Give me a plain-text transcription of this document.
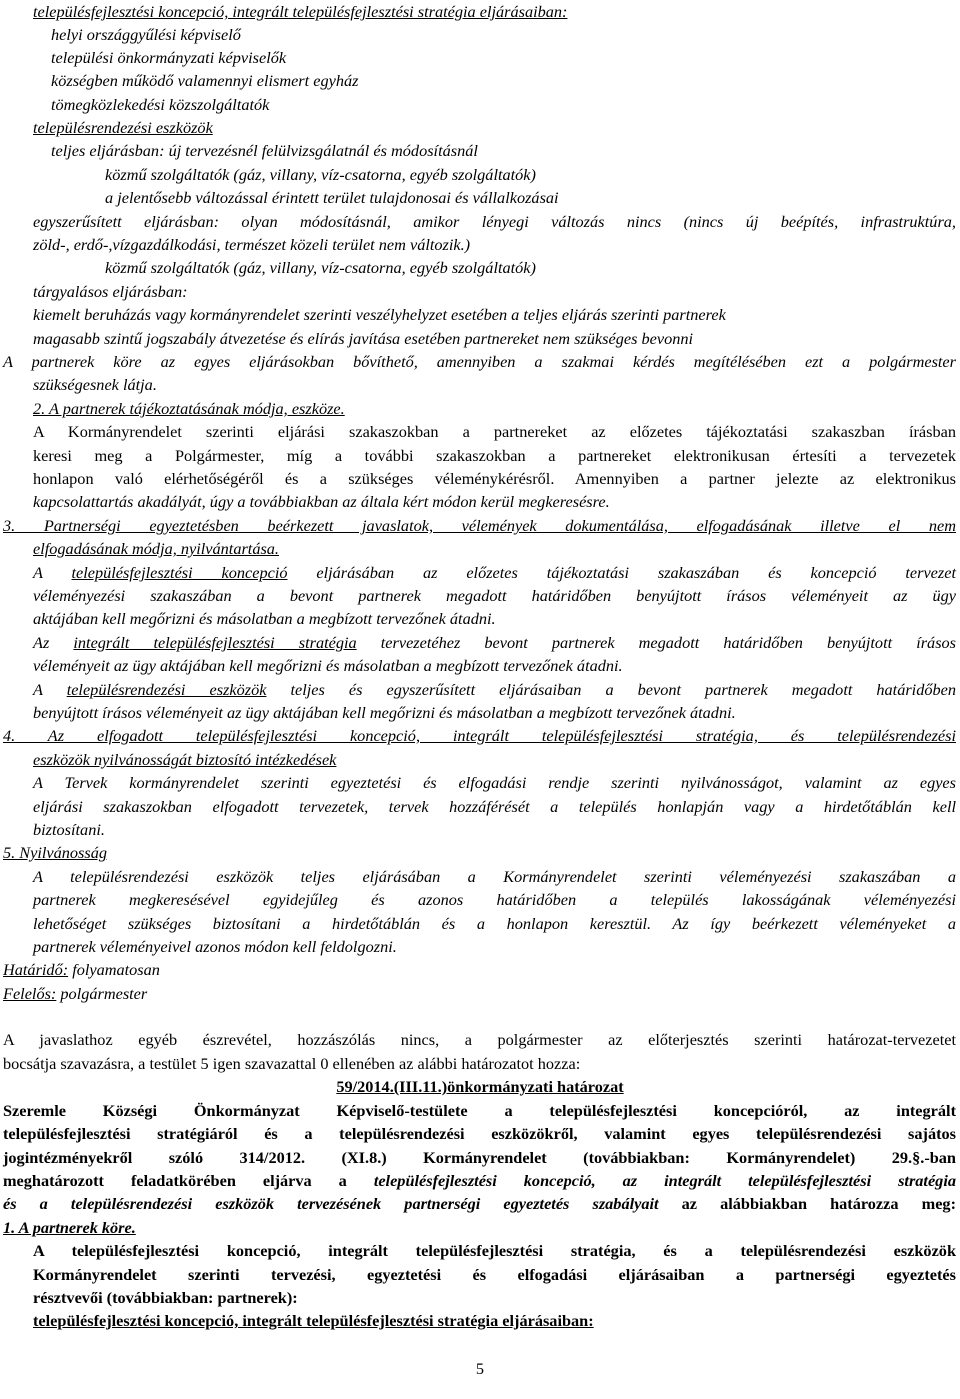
településfejlesztési koncepció, integrált településfejlesztési stratégia eljárásaiban:

helyi országgyűlési képviselő

települési önkormányzati képviselők

községben működő valamennyi elismert egyház

tömegközlekedési közszolgáltatók

településrendezési eszközök

teljes eljárásban: új tervezésnél felülvizsgálatnál és módosításnál

közmű szolgáltatók (gáz, villany, víz-csatorna, egyéb szolgáltatók)

a jelentősebb változással érintett terület tulajdonosai és vállalkozásai

egyszerűsített eljárásban: olyan módosításnál, amikor lényegi változás nincs (nincs új beépítés, infrastruktúra,

zöld-, erdő-,vízgazdálkodási, természet közeli terület nem változik.)

közmű szolgáltatók (gáz, villany, víz-csatorna, egyéb szolgáltatók)

tárgyalásos eljárásban:

kiemelt beruházás vagy kormányrendelet szerinti veszélyhelyzet esetében a teljes eljárás szerinti partnerek

magasabb szintű jogszabály átvezetése és elírás javítása esetében partnereket nem szükséges bevonni

A partnerek köre az egyes eljárásokban bővíthető, amennyiben a szakmai kérdés megítélésében ezt a polgármester

szükségesnek látja.

2. A partnerek tájékoztatásának módja, eszköze.

A Kormányrendelet szerinti eljárási szakaszokban a partnereket az előzetes tájékoztatási szakaszban írásban

keresi meg a Polgármester, míg a további szakaszokban a partnereket elektronikusan értesíti a tervezetek

honlapon való elérhetőségéről és a szükséges véleménykérésről. Amennyiben a partner jelezte az elektronikus

kapcsolattartás akadályát, úgy a továbbiakban az általa kért módon kerül megkeresésre.

3. Partnerségi egyeztetésben beérkezett javaslatok, vélemények dokumentálása, elfogadásának illetve el nem

elfogadásának módja, nyilvántartása.

A településfejlesztési koncepció eljárásában az előzetes tájékoztatási szakaszában és koncepció tervezet

véleményezési szakaszában a bevont partnerek megadott határidőben benyújtott írásos véleményeit az ügy

aktájában kell megőrizni és másolatban a megbízott tervezőnek átadni.

Az integrált településfejlesztési stratégia tervezetéhez bevont partnerek megadott határidőben benyújtott írásos

véleményeit az ügy aktájában kell megőrizni és másolatban a megbízott tervezőnek átadni.

A településrendezési eszközök teljes és egyszerűsített eljárásaiban a bevont partnerek megadott határidőben

benyújtott írásos véleményeit az ügy aktájában kell megőrizni és másolatban a megbízott tervezőnek átadni.

4. Az elfogadott településfejlesztési koncepció, integrált településfejlesztési stratégia, és településrendezési

eszközök nyilvánosságát biztosító intézkedések

A Tervek kormányrendelet szerinti egyeztetési és elfogadási rendje szerinti nyilvánosságot, valamint az egyes

eljárási szakaszokban elfogadott tervezetek, tervek hozzáférését a település honlapján vagy a hirdetőtáblán kell

biztosítani.

5. Nyilvánosság

A településrendezési eszközök teljes eljárásában a Kormányrendelet szerinti véleményezési szakaszában a

partnerek megkeresésével egyidejűleg és azonos határidőben a település lakosságának véleményezési

lehetőséget szükséges biztosítani a hirdetőtáblán és a honlapon keresztül. Az így beérkezett véleményeket a

partnerek véleményeivel azonos módon kell feldolgozni.

Határidő: folyamatosan

Felelős: polgármester

A javaslathoz egyéb észrevétel, hozzászólás nincs, a polgármester az előterjesztés szerinti határozat-tervezetet

bocsátja szavazásra, a testület 5 igen szavazattal 0 ellenében az alábbi határozatot hozza:

59/2014.(III.11.)önkormányzati határozat

Szeremle Községi Önkormányzat Képviselő-testülete a településfejlesztési koncepcióról, az integrált

településfejlesztési stratégiáról és a településrendezési eszközökről, valamint egyes településrendezési sajátos

jogintézményekről szóló 314/2012. (XI.8.) Kormányrendelet (továbbiakban: Kormányrendelet) 29.§.-ban

meghatározott feladatkörében eljárva a településfejlesztési koncepció, az integrált településfejlesztési stratégia

és a településrendezési eszközök tervezésének partnerségi egyeztetés szabályait az alábbiakban határozza meg:

1. A partnerek köre.

A településfejlesztési koncepció, integrált településfejlesztési stratégia, és a településrendezési eszközök

Kormányrendelet szerinti tervezési, egyeztetési és elfogadási eljárásaiban a partnerségi egyeztetés

résztvevői (továbbiakban: partnerek):

településfejlesztési koncepció, integrált településfejlesztési stratégia eljárásaiban:

5
